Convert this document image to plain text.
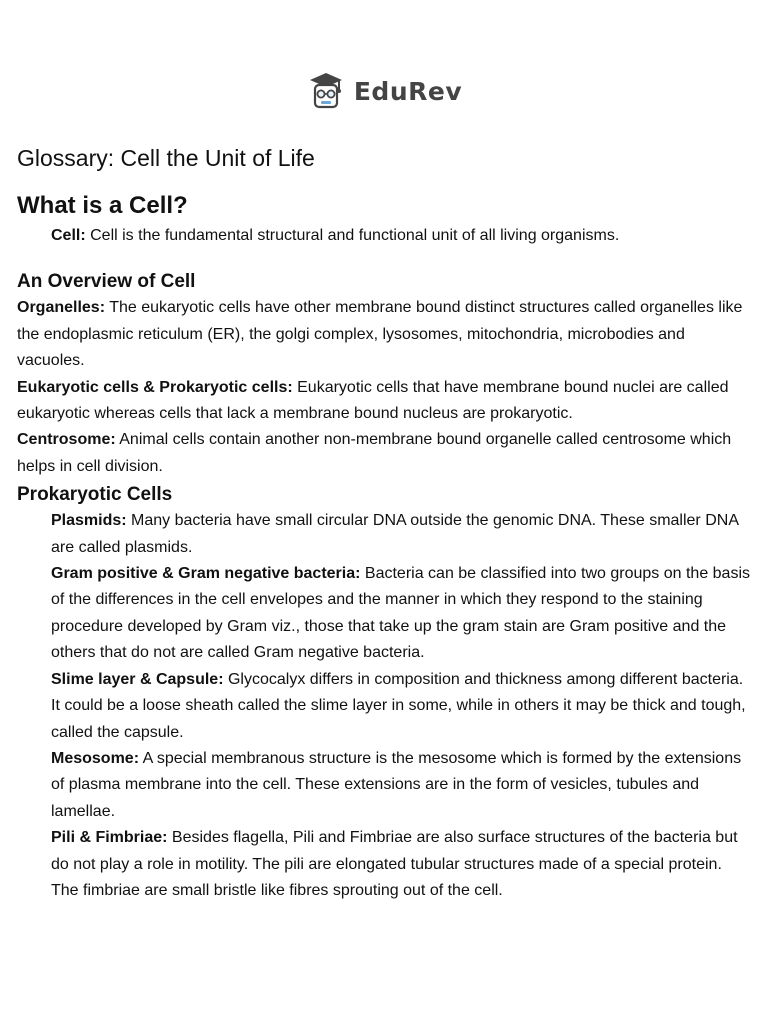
EduRev
Glossary: Cell the Unit of Life
What is a Cell?

Cell: Cell is the fundamental structural and functional unit of all living organisms.

An Overview of Cell

Organelles: The eukaryotic cells have other membrane bound distinct structures called organelles like the endoplasmic reticulum (ER), the golgi complex, lysosomes, mitochondria, microbodies and vacuoles.

Eukaryotic cells & Prokaryotic cells: Eukaryotic cells that have membrane bound nuclei are called eukaryotic whereas cells that lack a membrane bound nucleus are prokaryotic.

Centrosome: Animal cells contain another non-membrane bound organelle called centrosome which helps in cell division.

Prokaryotic Cells

Plasmids: Many bacteria have small circular DNA outside the genomic DNA. These smaller DNA are called plasmids.

Gram positive & Gram negative bacteria: Bacteria can be classified into two groups on the basis of the differences in the cell envelopes and the manner in which they respond to the staining procedure developed by Gram viz., those that take up the gram stain are Gram positive and the others that do not are called Gram negative bacteria.

Slime layer & Capsule: Glycocalyx differs in composition and thickness among different bacteria. It could be a loose sheath called the slime layer in some, while in others it may be thick and tough, called the capsule.

Mesosome: A special membranous structure is the mesosome which is formed by the extensions of plasma membrane into the cell. These extensions are in the form of vesicles, tubules and lamellae.

Pili & Fimbriae: Besides flagella, Pili and Fimbriae are also surface structures of the bacteria but do not play a role in motility. The pili are elongated tubular structures made of a special protein. The fimbriae are small bristle like fibres sprouting out of the cell.
